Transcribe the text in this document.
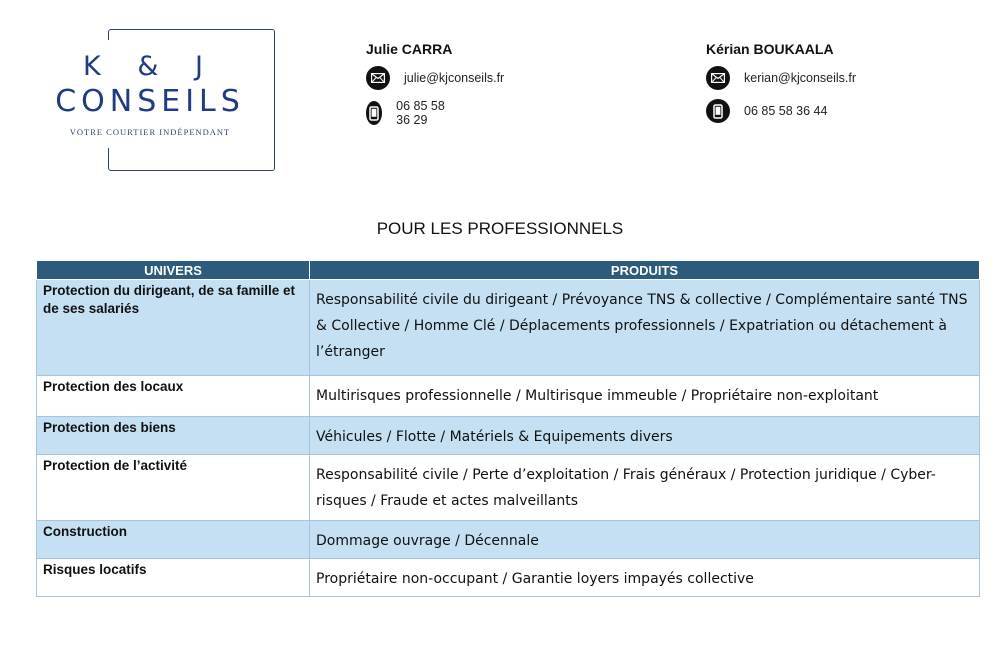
K & J
CONSEILS
VOTRE COURTIER INDÉPENDANT
Julie CARRA
julie@kjconseils.fr
06 85 58 36 29
Kérian BOUKAALA
kerian@kjconseils.fr
06 85 58 36 44
POUR LES PROFESSIONNELS
UNIVERS	PRODUITS
Protection du dirigeant, de sa famille et de ses salariés	Responsabilité civile du dirigeant / Prévoyance TNS & collective / Complémentaire santé TNS & Collective / Homme Clé / Déplacements professionnels / Expatriation ou détachement à l’étranger
Protection des locaux	Multirisques professionnelle / Multirisque immeuble / Propriétaire non-exploitant
Protection des biens	Véhicules / Flotte / Matériels & Equipements divers
Protection de l’activité	Responsabilité civile / Perte d’exploitation / Frais généraux / Protection juridique / Cyber-risques / Fraude et actes malveillants
Construction	Dommage ouvrage / Décennale
Risques locatifs	Propriétaire non-occupant / Garantie loyers impayés collective
